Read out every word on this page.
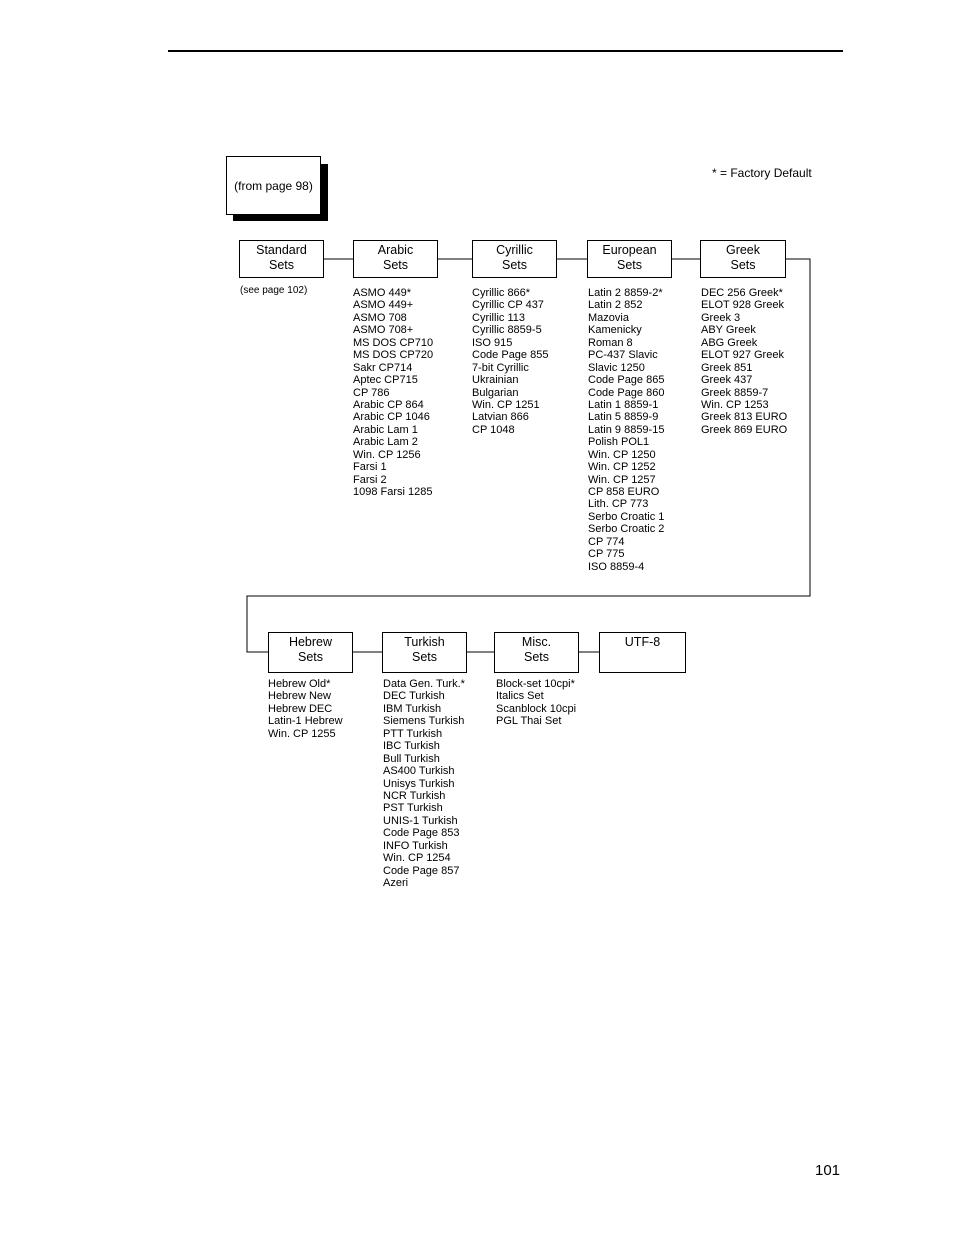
(from page 98)
* = Factory Default
Standard
Sets
Arabic
Sets
Cyrillic
Sets
European
Sets
Greek
Sets
(see page 102)	ASMO 449*
ASMO 449+
ASMO 708
ASMO 708+
MS DOS CP710
MS DOS CP720
Sakr CP714
Aptec CP715
CP 786
Arabic CP 864
Arabic CP 1046
Arabic Lam 1
Arabic Lam 2
Win. CP 1256
Farsi 1
Farsi 2
1098 Farsi 1285
Cyrillic 866*
Cyrillic CP 437
Cyrillic 113
Cyrillic 8859-5
ISO 915
Code Page 855
7-bit Cyrillic
Ukrainian
Bulgarian
Win. CP 1251
Latvian 866
CP 1048
Latin 2 8859-2*
Latin 2 852
Mazovia
Kamenicky
Roman 8
PC-437 Slavic
Slavic 1250
Code Page 865
Code Page 860
Latin 1 8859-1
Latin 5 8859-9
Latin 9 8859-15
Polish POL1
Win. CP 1250
Win. CP 1252
Win. CP 1257
CP 858 EURO
Lith. CP 773
Serbo Croatic 1
Serbo Croatic 2
CP 774
CP 775
ISO 8859-4
DEC 256 Greek*
ELOT 928 Greek
Greek 3
ABY Greek
ABG Greek
ELOT 927 Greek
Greek 851
Greek 437
Greek 8859-7
Win. CP 1253
Greek 813 EURO
Greek 869 EURO
Hebrew
Sets
Turkish
Sets
Misc.
Sets
UTF-8
Hebrew Old*
Hebrew New
Hebrew DEC
Latin-1 Hebrew
Win. CP 1255
Data Gen. Turk.*
DEC Turkish
IBM Turkish
Siemens Turkish
PTT Turkish
IBC Turkish
Bull Turkish
AS400 Turkish
Unisys Turkish
NCR Turkish
PST Turkish
UNIS-1 Turkish
Code Page 853
INFO Turkish
Win. CP 1254
Code Page 857
Azeri
Block-set 10cpi*
Italics Set
Scanblock 10cpi
PGL Thai Set
101
